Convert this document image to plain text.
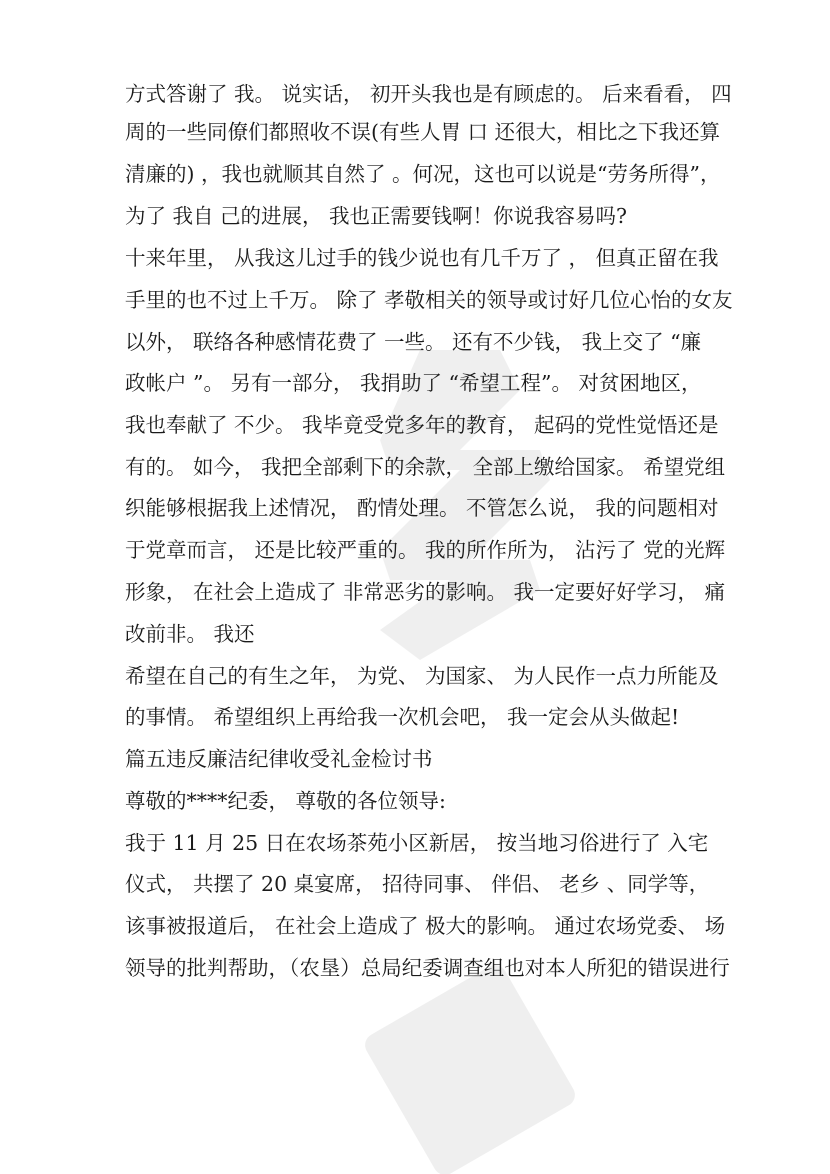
方式答谢了 我。 说实话， 初开头我也是有顾虑的。 后来看看， 四
周的一些同僚们都照收不误(有些人胃 口 还很大，相比之下我还算
清廉的) ，我也就顺其自然了 。何况，这也可以说是“劳务所得”，
为了 我自 己的进展， 我也正需要钱啊！你说我容易吗?
十来年里， 从我这儿过手的钱少说也有几千万了 ， 但真正留在我
手里的也不过上千万。 除了 孝敬相关的领导或讨好几位心怡的女友
以外， 联络各种感情花费了 一些。 还有不少钱， 我上交了 “廉
政帐户 ”。 另有一部分， 我捐助了 “希望工程”。 对贫困地区，
我也奉献了 不少。 我毕竟受党多年的教育， 起码的党性觉悟还是
有的。 如今， 我把全部剩下的余款， 全部上缴给国家。 希望党组
织能够根据我上述情况， 酌情处理。 不管怎么说， 我的问题相对
于党章而言， 还是比较严重的。 我的所作所为， 沾污了 党的光辉
形象， 在社会上造成了 非常恶劣的影响。 我一定要好好学习， 痛
改前非。 我还
希望在自己的有生之年， 为党、 为国家、 为人民作一点力所能及
的事情。 希望组织上再给我一次机会吧， 我一定会从头做起!
篇五违反廉洁纪律收受礼金检讨书
尊敬的****纪委， 尊敬的各位领导:
我于 11 月 25 日在农场茶苑小区新居， 按当地习俗进行了 入宅
仪式， 共摆了 20 桌宴席， 招待同事、 伴侣、 老乡 、同学等，
该事被报道后， 在社会上造成了 极大的影响。 通过农场党委、 场
领导的批判帮助，（农垦）总局纪委调查组也对本人所犯的错误进行
